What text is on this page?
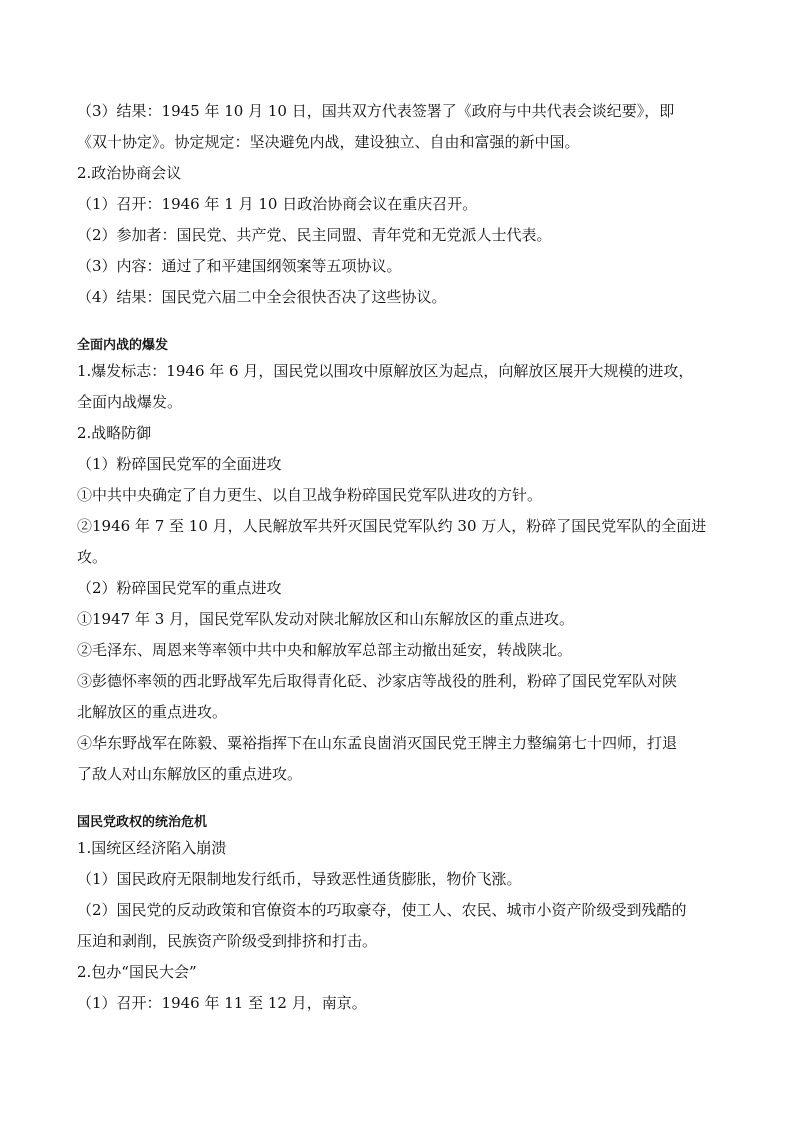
（3）结果：1945 年 10 月 10 日，国共双方代表签署了《政府与中共代表会谈纪要》，即

《双十协定》。协定规定：坚决避免内战，建设独立、自由和富强的新中国。

2.政治协商会议

（1）召开：1946 年 1 月 10 日政治协商会议在重庆召开。

（2）参加者：国民党、共产党、民主同盟、青年党和无党派人士代表。

（3）内容：通过了和平建国纲领案等五项协议。

（4）结果：国民党六届二中全会很快否决了这些协议。

全面内战的爆发

1.爆发标志：1946 年 6 月，国民党以围攻中原解放区为起点，向解放区展开大规模的进攻，

全面内战爆发。

2.战略防御

（1）粉碎国民党军的全面进攻

①中共中央确定了自力更生、以自卫战争粉碎国民党军队进攻的方针。

②1946 年 7 至 10 月，人民解放军共歼灭国民党军队约 30 万人，粉碎了国民党军队的全面进

攻。

（2）粉碎国民党军的重点进攻

①1947 年 3 月，国民党军队发动对陕北解放区和山东解放区的重点进攻。

②毛泽东、周恩来等率领中共中央和解放军总部主动撤出延安，转战陕北。

③彭德怀率领的西北野战军先后取得青化砭、沙家店等战役的胜利，粉碎了国民党军队对陕

北解放区的重点进攻。

④华东野战军在陈毅、粟裕指挥下在山东孟良崮消灭国民党王牌主力整编第七十四师，打退

了敌人对山东解放区的重点进攻。

国民党政权的统治危机

1.国统区经济陷入崩溃

（1）国民政府无限制地发行纸币，导致恶性通货膨胀，物价飞涨。

（2）国民党的反动政策和官僚资本的巧取豪夺，使工人、农民、城市小资产阶级受到残酷的

压迫和剥削，民族资产阶级受到排挤和打击。

2.包办“国民大会”

（1）召开：1946 年 11 至 12 月，南京。
